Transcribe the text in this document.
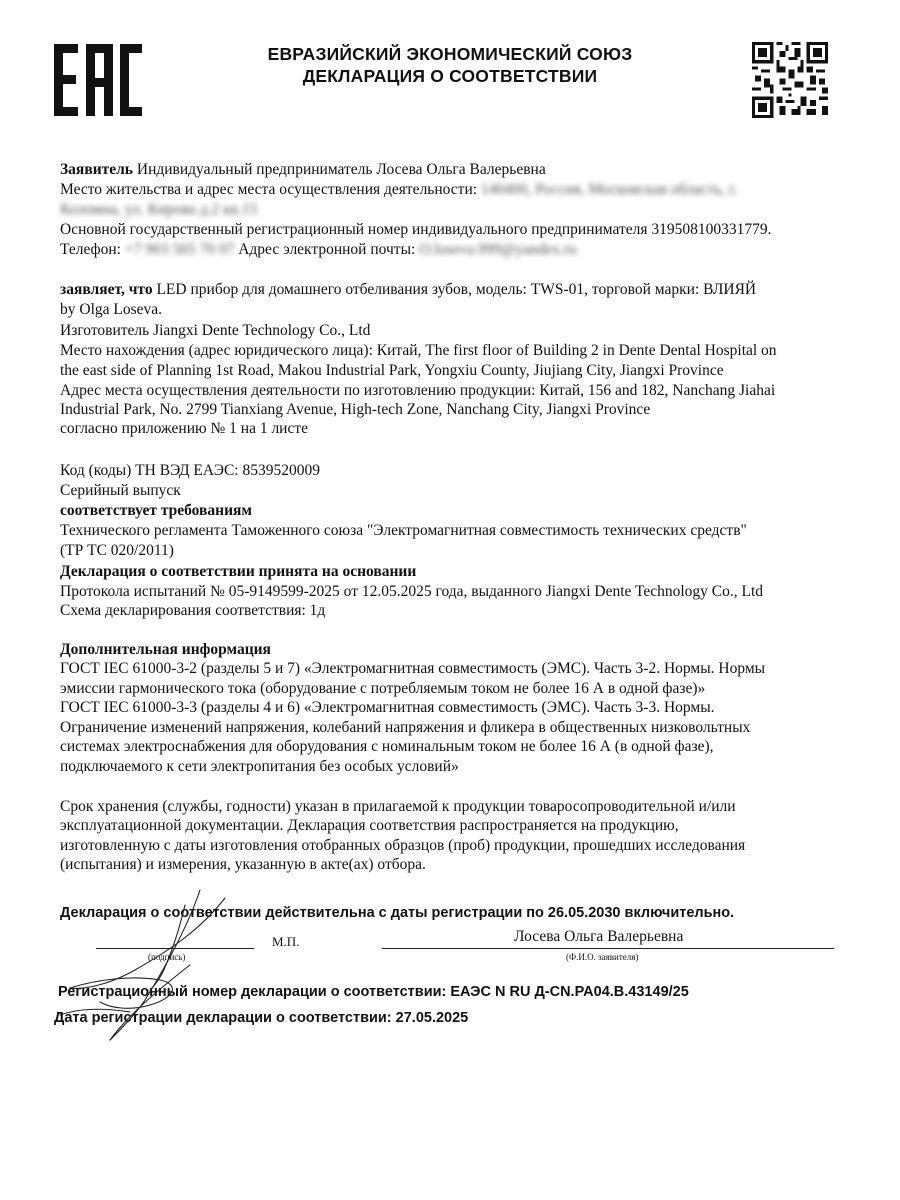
ЕВРАЗИЙСКИЙ ЭКОНОМИЧЕСКИЙ СОЮЗ
ДЕКЛАРАЦИЯ О СООТВЕТСТВИИ
Заявитель Индивидуальный предприниматель Лосева Ольга Валерьевна
Место жительства и адрес места осуществления деятельности: 140400, Россия, Московская область, г.
Коломна, ул. Кирова д.2 кв.15
Основной государственный регистрационный номер индивидуального предпринимателя 319508100331779.
Телефон: +7 903 565 70 07 Адрес электронной почты: O.loseva.999@yandex.ru
заявляет, что LED прибор для домашнего отбеливания зубов, модель: TWS-01, торговой марки: ВЛИЯЙ
by Olga Loseva.
Изготовитель Jiangxi Dente Technology Co., Ltd
Место нахождения (адрес юридического лица): Китай, The first floor of Building 2 in Dente Dental Hospital on
the east side of Planning 1st Road, Makou Industrial Park, Yongxiu County, Jiujiang City, Jiangxi Province
Адрес места осуществления деятельности по изготовлению продукции: Китай, 156 and 182, Nanchang Jiahai
Industrial Park, No. 2799 Tianxiang Avenue, High-tech Zone, Nanchang City, Jiangxi Province
согласно приложению № 1 на 1 листе
Код (коды) ТН ВЭД ЕАЭС: 8539520009
Серийный выпуск
соответствует требованиям
Технического регламента Таможенного союза "Электромагнитная совместимость технических средств"
(ТР ТС 020/2011)
Декларация о соответствии принята на основании
Протокола испытаний № 05-9149599-2025 от 12.05.2025 года, выданного Jiangxi Dente Technology Co., Ltd
Схема декларирования соответствия: 1д
Дополнительная информация
ГОСТ IEC 61000-3-2 (разделы 5 и 7) «Электромагнитная совместимость (ЭМС). Часть 3-2. Нормы. Нормы
эмиссии гармонического тока (оборудование с потребляемым током не более 16 А в одной фазе)»
ГОСТ IEC 61000-3-3 (разделы 4 и 6) «Электромагнитная совместимость (ЭМС). Часть 3-3. Нормы.
Ограничение изменений напряжения, колебаний напряжения и фликера в общественных низковольтных
системах электроснабжения для оборудования с номинальным током не более 16 А (в одной фазе),
подключаемого к сети электропитания без особых условий»
Срок хранения (службы, годности) указан в прилагаемой к продукции товаросопроводительной и/или
эксплуатационной документации. Декларация соответствия распространяется на продукцию,
изготовленную с даты изготовления отобранных образцов (проб) продукции, прошедших исследования
(испытания) и измерения, указанную в акте(ах) отбора.
Декларация о соответствии действительна с даты регистрации по 26.05.2030 включительно.
М.П.	Лосева Ольга Валерьевна
(подпись)	(Ф.И.О. заявителя)
Регистрационный номер декларации о соответствии: ЕАЭС N RU Д-CN.PA04.B.43149/25
Дата регистрации декларации о соответствии: 27.05.2025
